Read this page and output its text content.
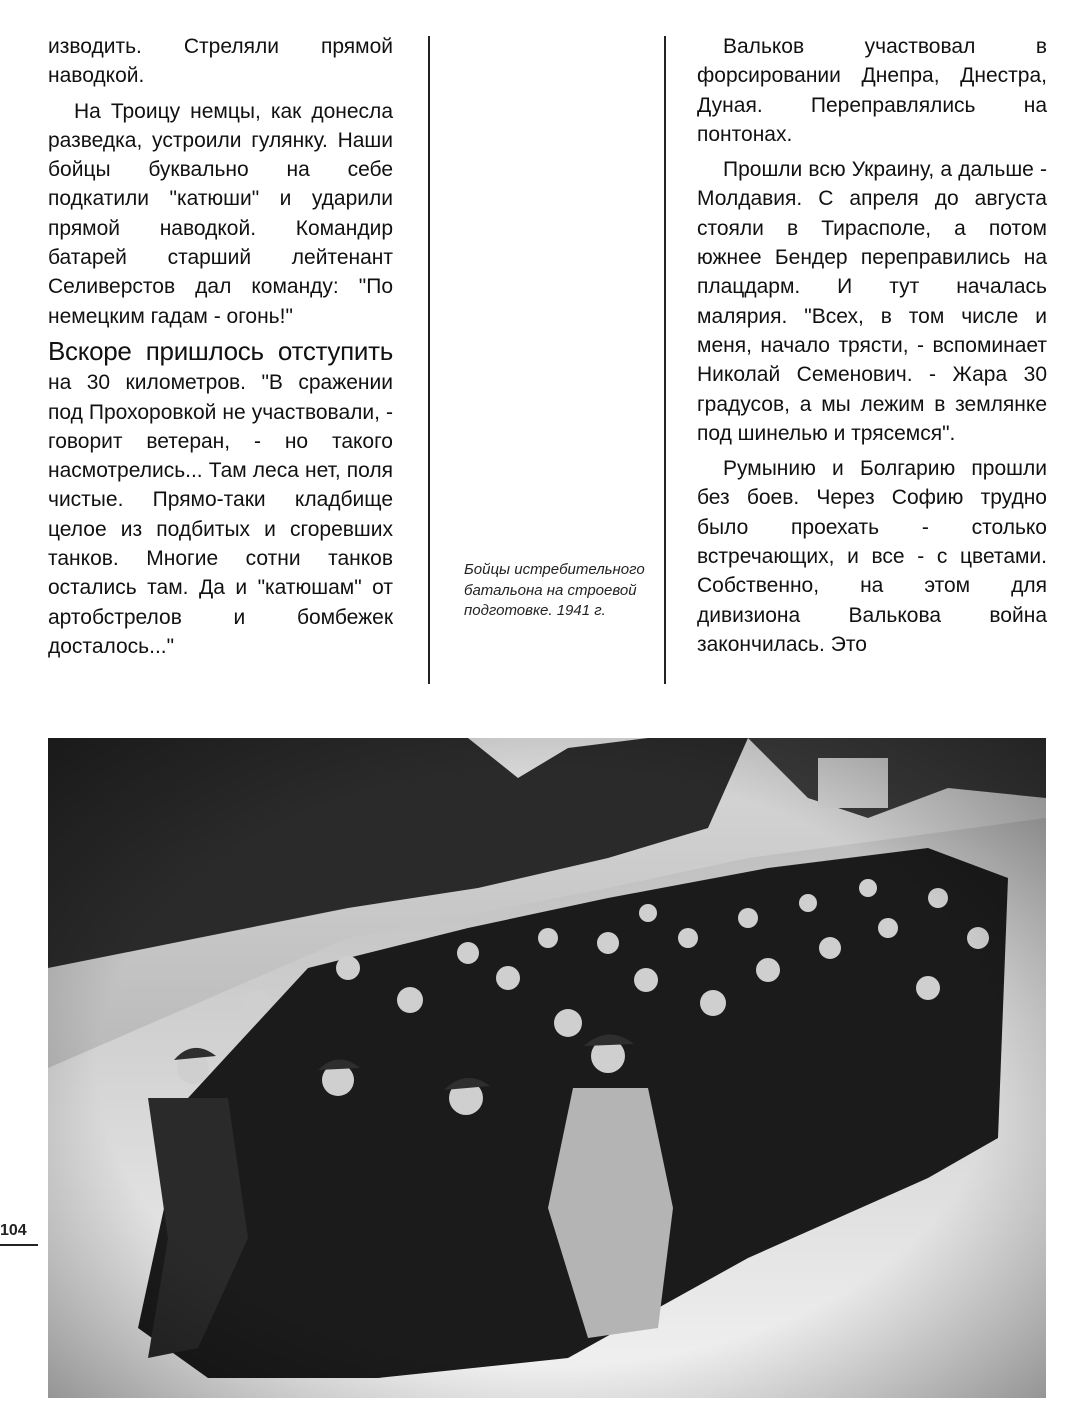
изводить. Стреляли прямой наводкой.

На Троицу немцы, как донесла разведка, устроили гулянку. Наши бойцы буквально на себе подкатили "катюши" и ударили прямой наводкой. Командир батарей старший лейтенант Селиверстов дал команду: "По немецким гадам - огонь!"

Вскоре пришлось отступить на 30 километров. "В сражении под Прохоровкой не участвовали, - говорит ветеран, - но такого насмотрелись... Там леса нет, поля чистые. Прямо-таки кладбище целое из подбитых и сгоревших танков. Многие сотни танков остались там. Да и "катюшам" от артобстрелов и бомбежек досталось..."

Бойцы истребительного батальона на строевой подготовке. 1941 г.

Вальков участвовал в форсировании Днепра, Днестра, Дуная. Переправлялись на понтонах.

Прошли всю Украину, а дальше - Молдавия. С апреля до августа стояли в Тирасполе, а потом южнее Бендер переправились на плацдарм. И тут началась малярия. "Всех, в том числе и меня, начало трясти, - вспоминает Николай Семенович. - Жара 30 градусов, а мы лежим в землянке под шинелью и трясемся".

Румынию и Болгарию прошли без боев. Через Софию трудно было проехать - столько встречающих, и все - с цветами. Собственно, на этом для дивизиона Валькова война закончилась. Это

104
